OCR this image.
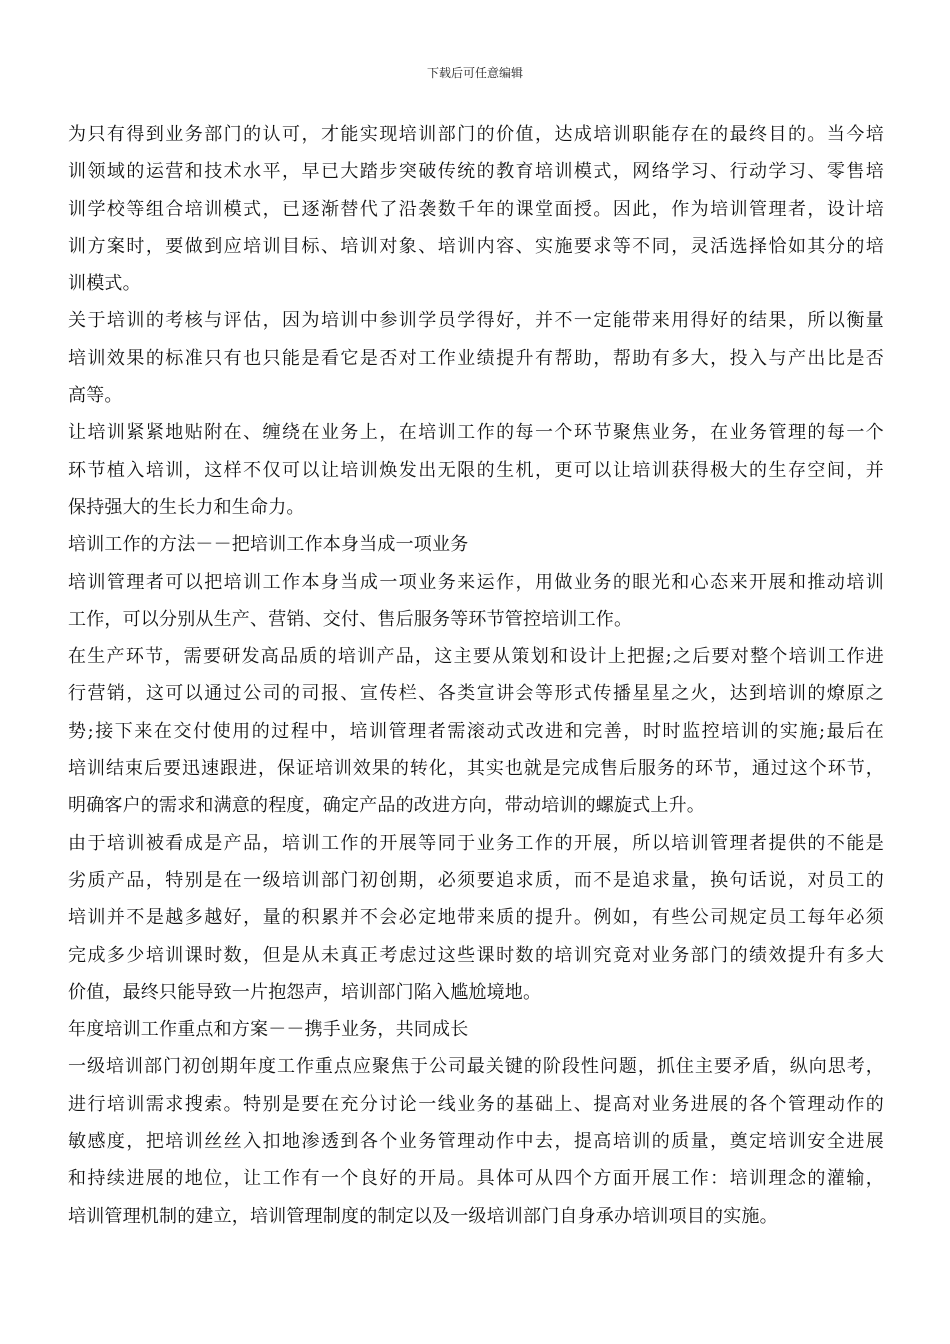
下载后可任意编辑
为只有得到业务部门的认可，才能实现培训部门的价值，达成培训职能存在的最终目的。当今培
训领域的运营和技术水平，早已大踏步突破传统的教育培训模式，网络学习、行动学习、零售培
训学校等组合培训模式，已逐渐替代了沿袭数千年的课堂面授。因此，作为培训管理者，设计培
训方案时，要做到应培训目标、培训对象、培训内容、实施要求等不同，灵活选择恰如其分的培
训模式。
关于培训的考核与评估，因为培训中参训学员学得好，并不一定能带来用得好的结果，所以衡量
培训效果的标准只有也只能是看它是否对工作业绩提升有帮助，帮助有多大，投入与产出比是否
高等。
让培训紧紧地贴附在、缠绕在业务上，在培训工作的每一个环节聚焦业务，在业务管理的每一个
环节植入培训，这样不仅可以让培训焕发出无限的生机，更可以让培训获得极大的生存空间，并
保持强大的生长力和生命力。
培训工作的方法－－把培训工作本身当成一项业务
培训管理者可以把培训工作本身当成一项业务来运作，用做业务的眼光和心态来开展和推动培训
工作，可以分别从生产、营销、交付、售后服务等环节管控培训工作。
在生产环节，需要研发高品质的培训产品，这主要从策划和设计上把握;之后要对整个培训工作进
行营销，这可以通过公司的司报、宣传栏、各类宣讲会等形式传播星星之火，达到培训的燎原之
势;接下来在交付使用的过程中，培训管理者需滚动式改进和完善，时时监控培训的实施;最后在
培训结束后要迅速跟进，保证培训效果的转化，其实也就是完成售后服务的环节，通过这个环节，
明确客户的需求和满意的程度，确定产品的改进方向，带动培训的螺旋式上升。
由于培训被看成是产品，培训工作的开展等同于业务工作的开展，所以培训管理者提供的不能是
劣质产品，特别是在一级培训部门初创期，必须要追求质，而不是追求量，换句话说，对员工的
培训并不是越多越好，量的积累并不会必定地带来质的提升。例如，有些公司规定员工每年必须
完成多少培训课时数，但是从未真正考虑过这些课时数的培训究竟对业务部门的绩效提升有多大
价值，最终只能导致一片抱怨声，培训部门陷入尴尬境地。
年度培训工作重点和方案－－携手业务，共同成长
一级培训部门初创期年度工作重点应聚焦于公司最关键的阶段性问题，抓住主要矛盾，纵向思考，
进行培训需求搜索。特别是要在充分讨论一线业务的基础上、提高对业务进展的各个管理动作的
敏感度，把培训丝丝入扣地渗透到各个业务管理动作中去，提高培训的质量，奠定培训安全进展
和持续进展的地位，让工作有一个良好的开局。具体可从四个方面开展工作：培训理念的灌输，
培训管理机制的建立，培训管理制度的制定以及一级培训部门自身承办培训项目的实施。
